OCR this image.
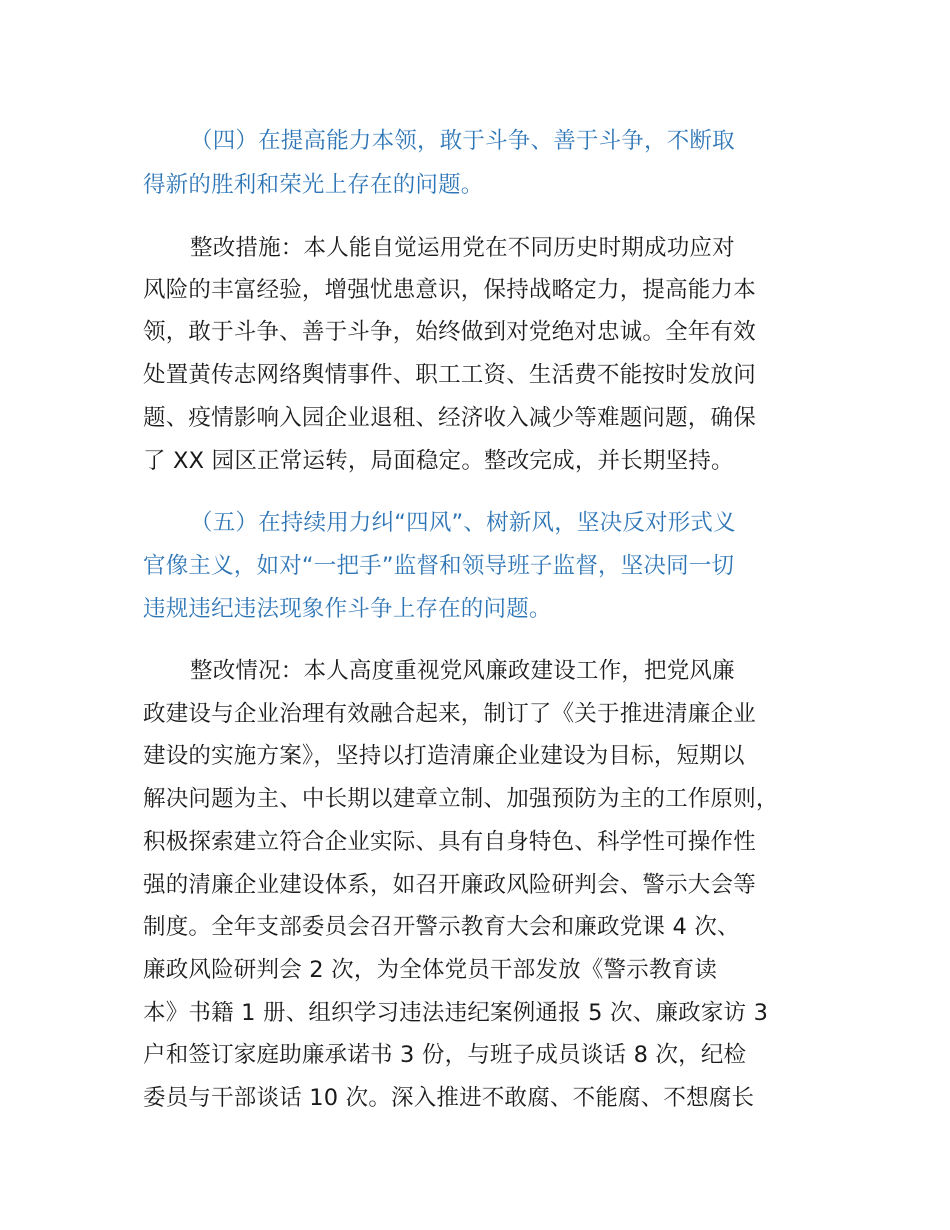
（四）在提高能力本领，敢于斗争、善于斗争，不断取
得新的胜利和荣光上存在的问题。
整改措施：本人能自觉运用党在不同历史时期成功应对
风险的丰富经验，增强忧患意识，保持战略定力，提高能力本
领，敢于斗争、善于斗争，始终做到对党绝对忠诚。全年有效
处置黄传志网络舆情事件、职工工资、生活费不能按时发放问
题、疫情影响入园企业退租、经济收入减少等难题问题，确保
了 XX 园区正常运转，局面稳定。整改完成，并长期坚持。
（五）在持续用力纠“四风”、树新风，坚决反对形式义
官像主义，如对“一把手”监督和领导班子监督，坚决同一切
违规违纪违法现象作斗争上存在的问题。
整改情况：本人高度重视党风廉政建设工作，把党风廉
政建设与企业治理有效融合起来，制订了《关于推进清廉企业
建设的实施方案》，坚持以打造清廉企业建设为目标，短期以
解决问题为主、中长期以建章立制、加强预防为主的工作原则，
积极探索建立符合企业实际、具有自身特色、科学性可操作性
强的清廉企业建设体系，如召开廉政风险研判会、警示大会等
制度。全年支部委员会召开警示教育大会和廉政党课 4 次、
廉政风险研判会 2 次，为全体党员干部发放《警示教育读
本》书籍 1 册、组织学习违法违纪案例通报 5 次、廉政家访 3
户和签订家庭助廉承诺书 3 份，与班子成员谈话 8 次，纪检
委员与干部谈话 10 次。深入推进不敢腐、不能腐、不想腐长
